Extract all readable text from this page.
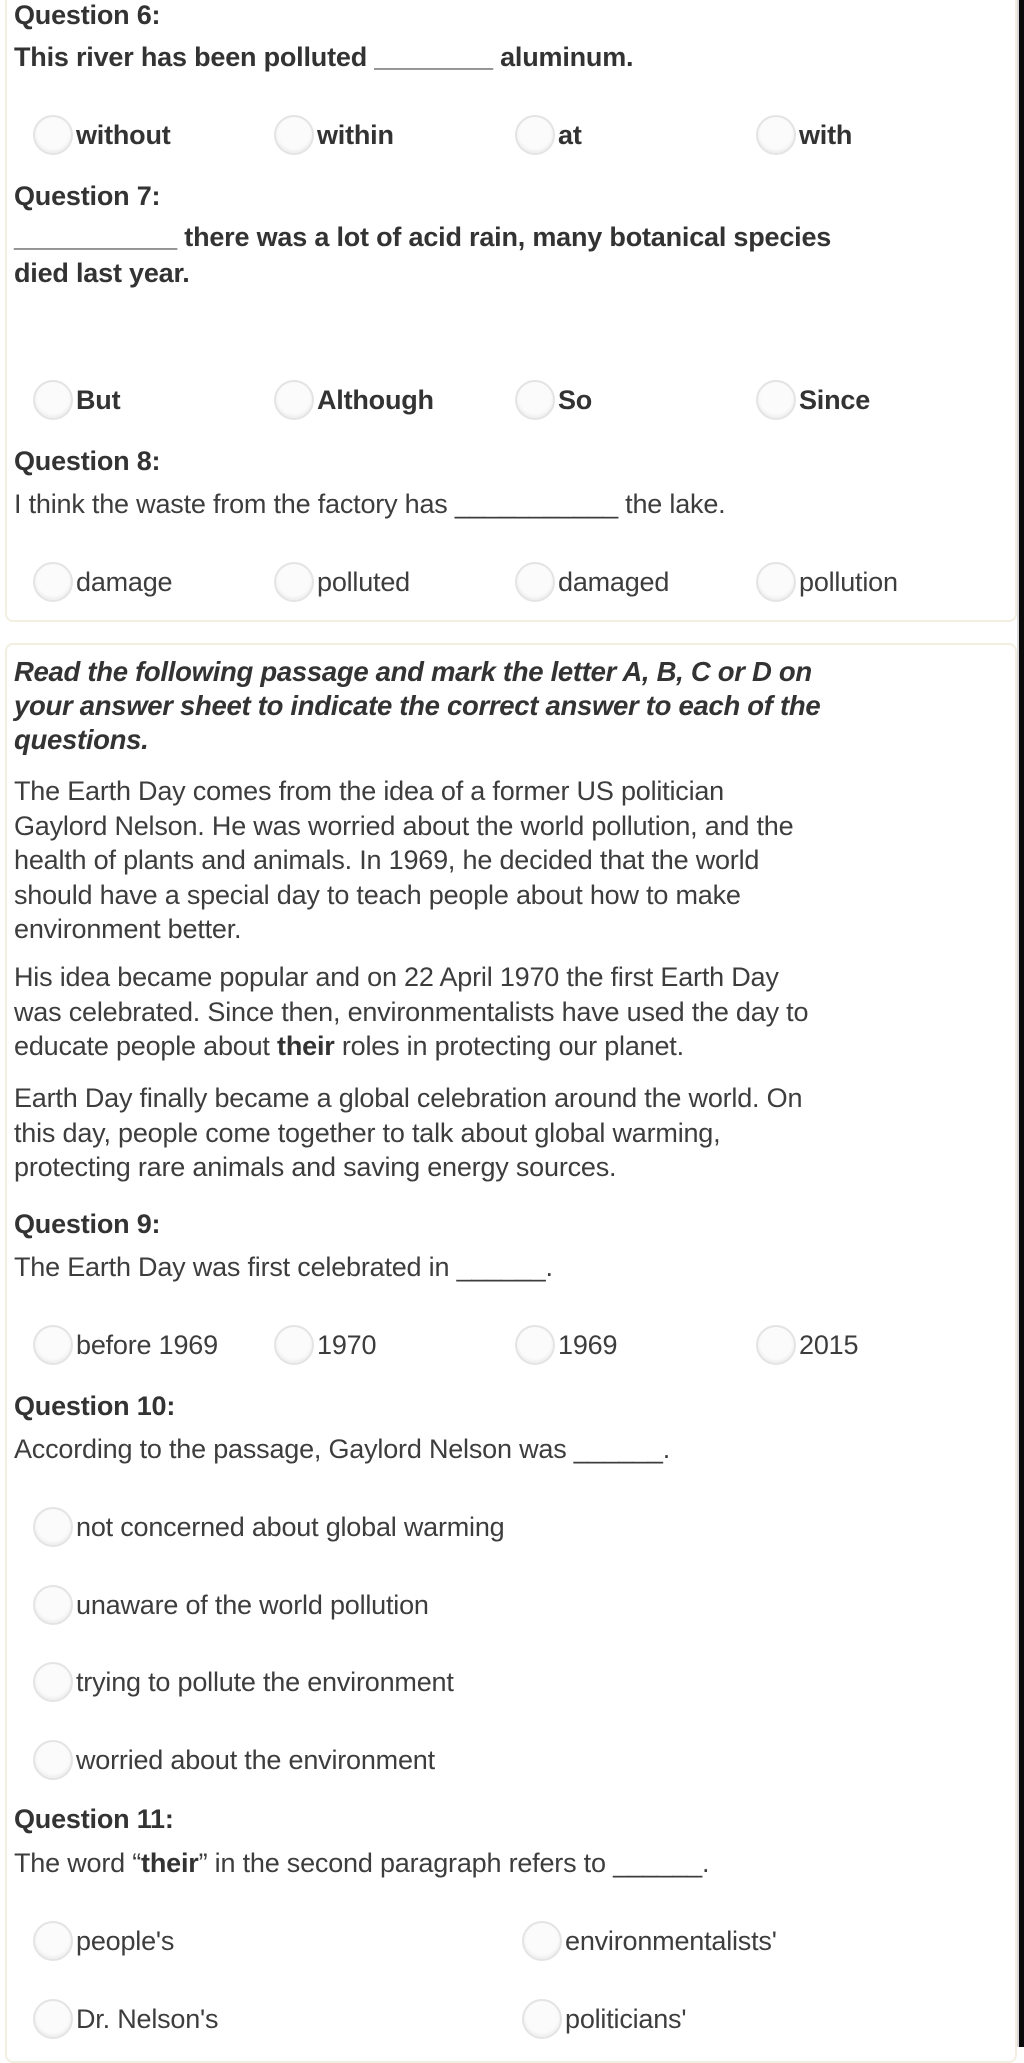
Question 6:
This river has been polluted ________ aluminum.
without	within	at	with
Question 7:
___________ there was a lot of acid rain, many botanical species
died last year.
But	Although	So	Since
Question 8:
I think the waste from the factory has ___________ the lake.
damage	polluted	damaged	pollution
Read the following passage and mark the letter A, B, C or D on
your answer sheet to indicate the correct answer to each of the
questions.
The Earth Day comes from the idea of a former US politician
Gaylord Nelson. He was worried about the world pollution, and the
health of plants and animals. In 1969, he decided that the world
should have a special day to teach people about how to make
environment better.
His idea became popular and on 22 April 1970 the first Earth Day
was celebrated. Since then, environmentalists have used the day to
educate people about their roles in protecting our planet.
Earth Day finally became a global celebration around the world. On
this day, people come together to talk about global warming,
protecting rare animals and saving energy sources.
Question 9:
The Earth Day was first celebrated in ______.
before 1969	1970	1969	2015
Question 10:
According to the passage, Gaylord Nelson was ______.
not concerned about global warming
unaware of the world pollution
trying to pollute the environment
worried about the environment
Question 11:
The word “their” in the second paragraph refers to ______.
people's	environmentalists'
Dr. Nelson's	politicians'
